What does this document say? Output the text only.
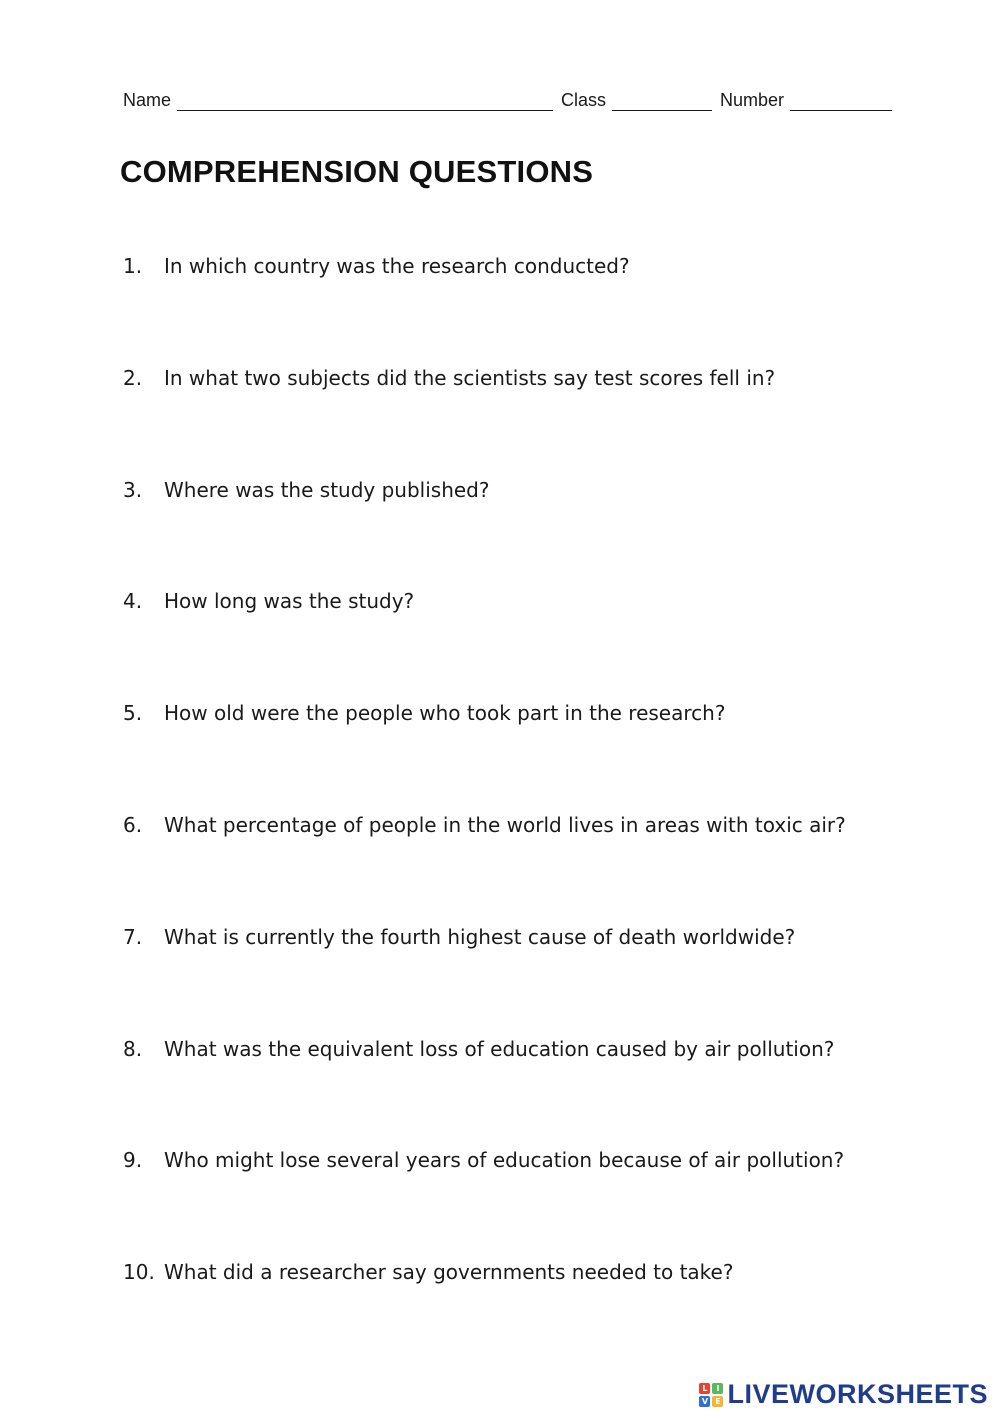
Name	Class	Number
COMPREHENSION QUESTIONS
1.	In which country was the research conducted?
2.	In what two subjects did the scientists say test scores fell in?
3.	Where was the study published?
4.	How long was the study?
5.	How old were the people who took part in the research?
6.	What percentage of people in the world lives in areas with toxic air?
7.	What is currently the fourth highest cause of death worldwide?
8.	What was the equivalent loss of education caused by air pollution?
9.	Who might lose several years of education because of air pollution?
10. What did a researcher say governments needed to take?
L	I
V E LIVEWORKSHEETS
